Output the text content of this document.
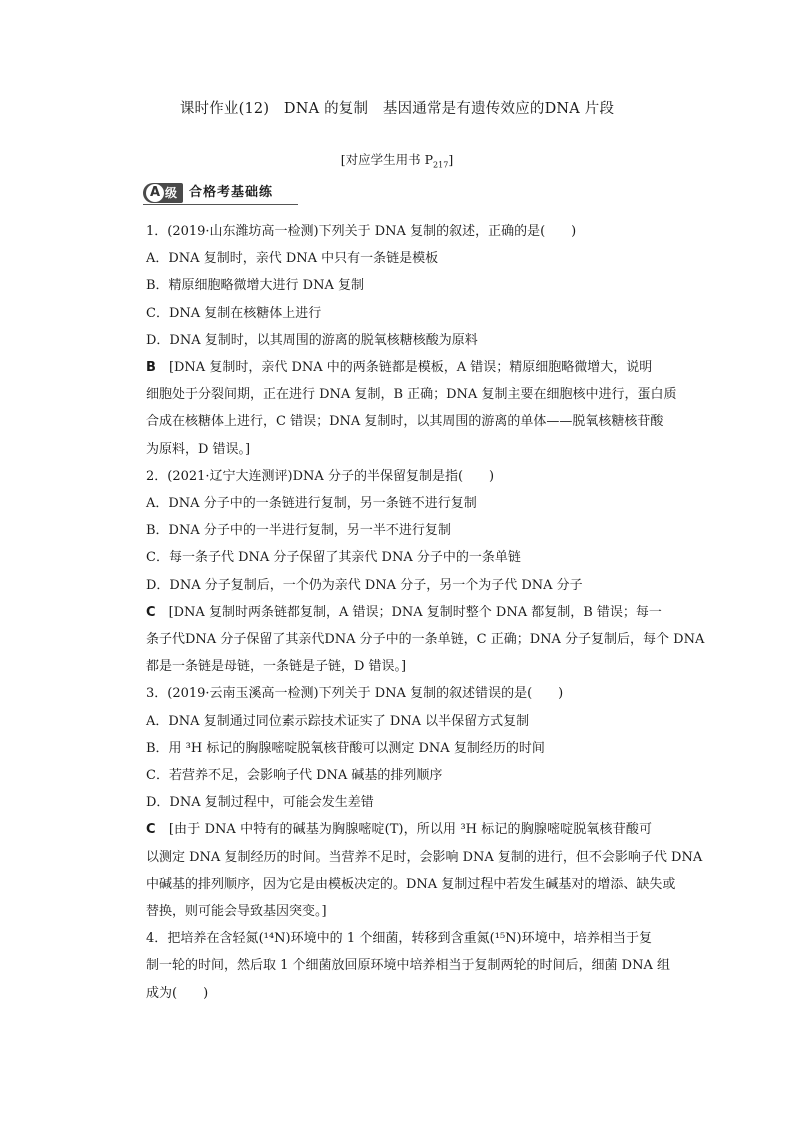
课时作业(12)　DNA 的复制　基因通常是有遗传效应的DNA 片段
[对应学生用书 $P_{217}$]
A 级 合格考基础练
1．(2019·山东潍坊高一检测)下列关于 DNA 复制的叙述，正确的是(　　)
A．DNA 复制时，亲代 DNA 中只有一条链是模板
B．精原细胞略微增大进行 DNA 复制
C．DNA 复制在核糖体上进行
D．DNA 复制时，以其周围的游离的脱氧核糖核酸为原料
B　 [DNA 复制时，亲代 DNA 中的两条链都是模板，A 错误；精原细胞略微增大，说明
细胞处于分裂间期，正在进行 DNA 复制，B 正确；DNA 复制主要在细胞核中进行，蛋白质
合成在核糖体上进行，C 错误；DNA 复制时，以其周围的游离的单体——脱氧核糖核苷酸
为原料，D 错误。]
2．(2021·辽宁大连测评)DNA 分子的半保留复制是指(　　)
A．DNA 分子中的一条链进行复制，另一条链不进行复制
B．DNA 分子中的一半进行复制，另一半不进行复制
C．每一条子代 DNA 分子保留了其亲代 DNA 分子中的一条单链
D．DNA 分子复制后，一个仍为亲代 DNA 分子，另一个为子代 DNA 分子
C　 [DNA 复制时两条链都复制，A 错误；DNA 复制时整个 DNA 都复制，B 错误；每一
条子代DNA 分子保留了其亲代DNA 分子中的一条单链，C 正确；DNA 分子复制后，每个 DNA
都是一条链是母链，一条链是子链，D 错误。]
3．(2019·云南玉溪高一检测)下列关于 DNA 复制的叙述错误的是(　　)
A．DNA 复制通过同位素示踪技术证实了 DNA 以半保留方式复制
B．用 ³H 标记的胸腺嘧啶脱氧核苷酸可以测定 DNA 复制经历的时间
C．若营养不足，会影响子代 DNA 碱基的排列顺序
D．DNA 复制过程中，可能会发生差错
C　 [由于 DNA 中特有的碱基为胸腺嘧啶(T)，所以用 ³H 标记的胸腺嘧啶脱氧核苷酸可
以测定 DNA 复制经历的时间。当营养不足时，会影响 DNA 复制的进行，但不会影响子代 DNA
中碱基的排列顺序，因为它是由模板决定的。DNA 复制过程中若发生碱基对的增添、缺失或
替换，则可能会导致基因突变。]
4．把培养在含轻氮(¹⁴N)环境中的 1 个细菌，转移到含重氮(¹⁵N)环境中，培养相当于复
制一轮的时间，然后取 1 个细菌放回原环境中培养相当于复制两轮的时间后，细菌 DNA 组
成为(　　)
